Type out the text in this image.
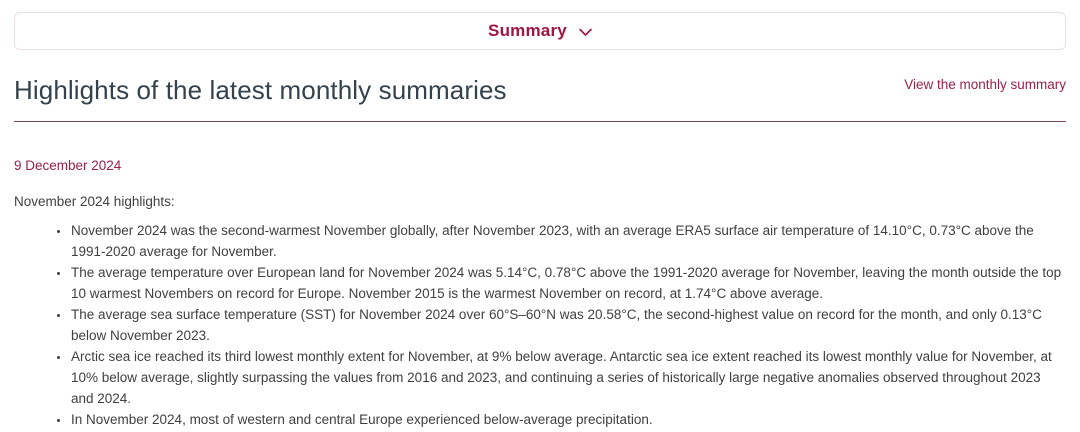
Summary
Highlights of the latest monthly summaries	View the monthly summary
9 December 2024

November 2024 highlights:

• November 2024 was the second-warmest November globally, after November 2023, with an average ERA5 surface air temperature of 14.10°C, 0.73°C above the 1991-2020 average for November.
• The average temperature over European land for November 2024 was 5.14°C, 0.78°C above the 1991-2020 average for November, leaving the month outside the top 10 warmest Novembers on record for Europe. November 2015 is the warmest November on record, at 1.74°C above average.
• The average sea surface temperature (SST) for November 2024 over 60°S–60°N was 20.58°C, the second-highest value on record for the month, and only 0.13°C below November 2023.
• Arctic sea ice reached its third lowest monthly extent for November, at 9% below average. Antarctic sea ice extent reached its lowest monthly value for November, at 10% below average, slightly surpassing the values from 2016 and 2023, and continuing a series of historically large negative anomalies observed throughout 2023 and 2024.
• In November 2024, most of western and central Europe experienced below-average precipitation.
